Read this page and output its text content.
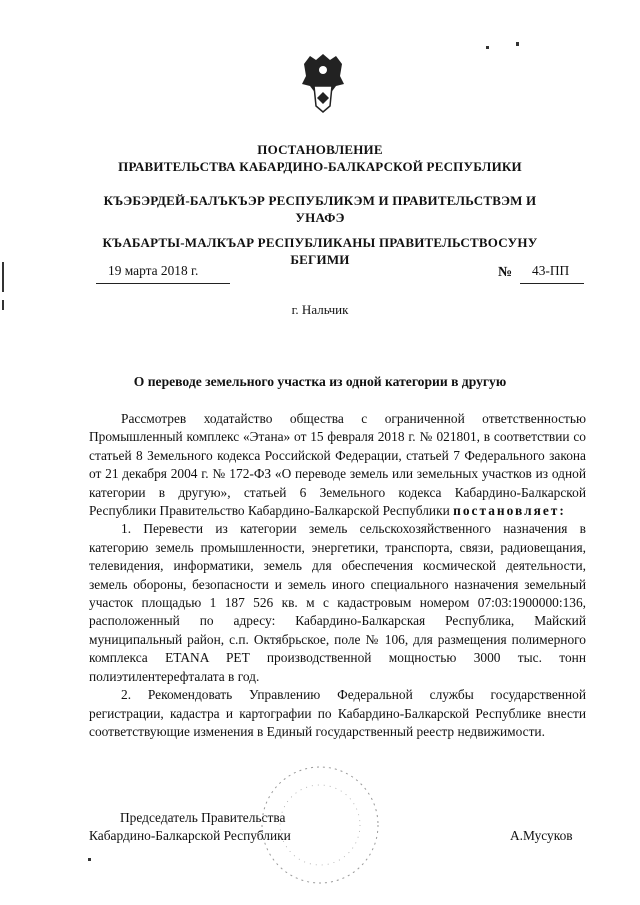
ПОСТАНОВЛЕНИЕ
ПРАВИТЕЛЬСТВА КАБАРДИНО-БАЛКАРСКОЙ РЕСПУБЛИКИ
КЪЭБЭРДЕЙ-БАЛЪКЪЭР РЕСПУБЛИКЭМ И ПРАВИТЕЛЬСТВЭМ И
УНАФЭ
КЪАБАРТЫ-МАЛКЪАР РЕСПУБЛИКАНЫ ПРАВИТЕЛЬСТВОСУНУ
БЕГИМИ
19 марта 2018 г.	№ 43-ПП
г. Нальчик
О переводе земельного участка из одной категории в другую

Рассмотрев ходатайство общества с ограниченной ответственностью Промышленный комплекс «Этана» от 15 февраля 2018 г. № 021801, в соответствии со статьей 8 Земельного кодекса Российской Федерации, статьей 7 Федерального закона от 21 декабря 2004 г. № 172-ФЗ «О переводе земель или земельных участков из одной категории в другую», статьей 6 Земельного кодекса Кабардино-Балкарской Республики Правительство Кабардино-Балкарской Республики постановляет:

1. Перевести из категории земель сельскохозяйственного назначения в категорию земель промышленности, энергетики, транспорта, связи, радиовещания, телевидения, информатики, земель для обеспечения космической деятельности, земель обороны, безопасности и земель иного специального назначения земельный участок площадью 1 187 526 кв. м с кадастровым номером 07:03:1900000:136, расположенный по адресу: Кабардино-Балкарская Республика, Майский муниципальный район, с.п. Октябрьское, поле № 106, для размещения полимерного комплекса ETANA PET производственной мощностью 3000 тыс. тонн полиэтилентерефталата в год.

2. Рекомендовать Управлению Федеральной службы государственной регистрации, кадастра и картографии по Кабардино-Балкарской Республике внести соответствующие изменения в Единый государственный реестр недвижимости.

Председатель Правительства
Кабардино-Балкарской Республики	А.Мусуков
